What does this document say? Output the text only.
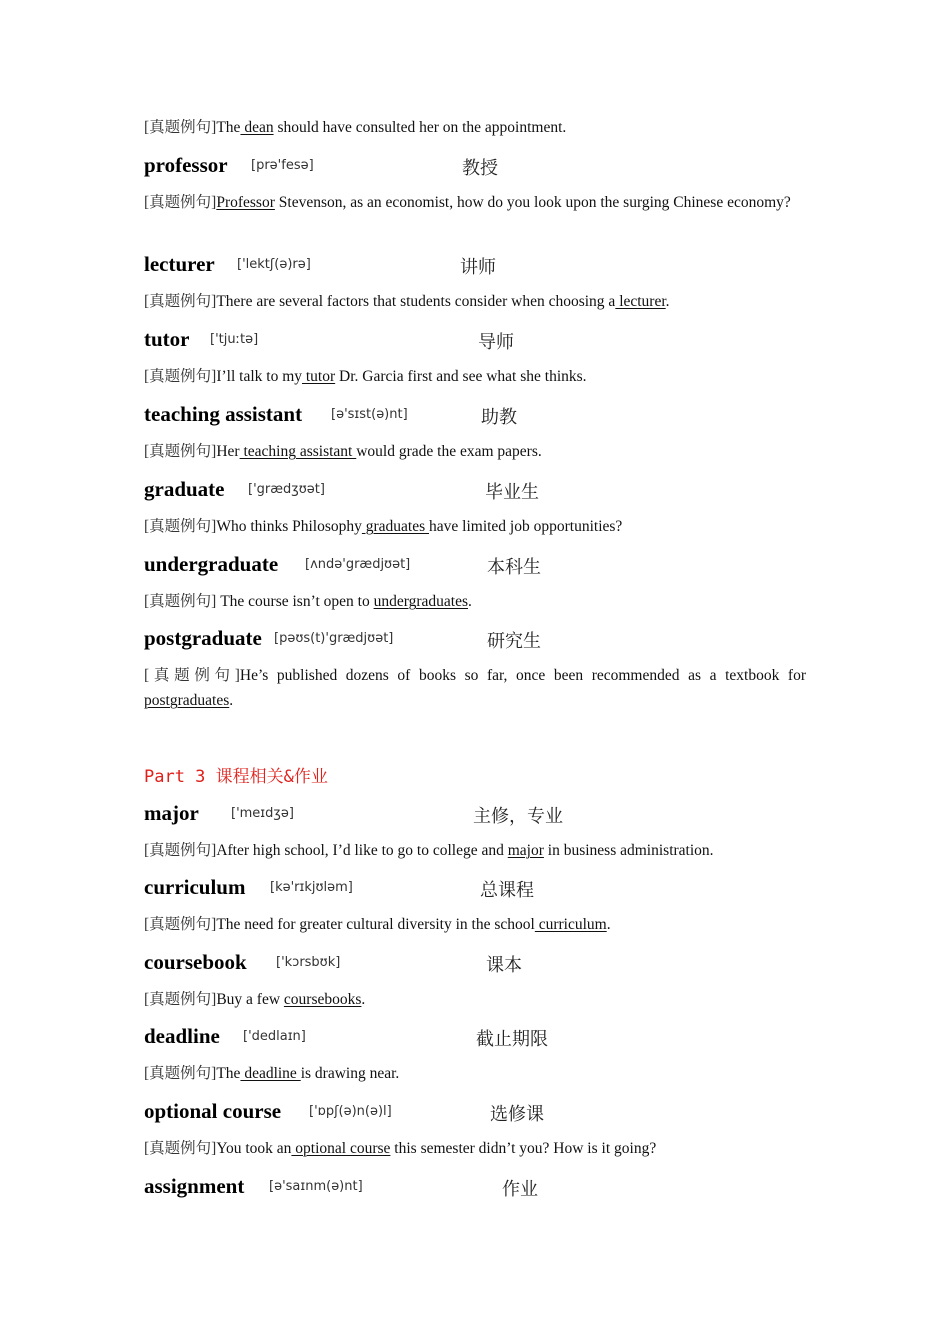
[真题例句]The dean should have consulted her on the appointment.
professor [prə'fesə]	教授
[真题例句]Professor Stevenson, as an economist, how do you look upon the surging Chinese economy?
lecturer ['lektʃ(ə)rə]	讲师
[真题例句]There are several factors that students consider when choosing a lecturer.
tutor ['tjuːtə]	导师
[真题例句]I’ll talk to my tutor Dr. Garcia first and see what she thinks.
teaching assistant [ə'sɪst(ə)nt]	助教
[真题例句]Her teaching assistant would grade the exam papers.
graduate ['grædʒʊət]	毕业生
[真题例句]Who thinks Philosophy graduates have limited job opportunities?
undergraduate [ʌndə'grædjʊət]	本科生
[真题例句] The course isn’t open to undergraduates.
postgraduate [pəʊs(t)'grædjʊət]	研究生
[真题例句]He’s published dozens of books so far, once been recommended as a textbook for postgraduates.
Part 3 课程相关&作业
major ['meɪdʒə]	主修，专业
[真题例句]After high school, I’d like to go to college and major in business administration.
curriculum [kə'rɪkjʊləm]	总课程
[真题例句]The need for greater cultural diversity in the school curriculum.
coursebook ['kɔrsbʊk]	课本
[真题例句]Buy a few coursebooks.
deadline ['dedlaɪn]	截止期限
[真题例句]The deadline is drawing near.
optional course ['ɒpʃ(ə)n(ə)l]	选修课
[真题例句]You took an optional course this semester didn’t you? How is it going?
assignment [ə'saɪnm(ə)nt]	作业
